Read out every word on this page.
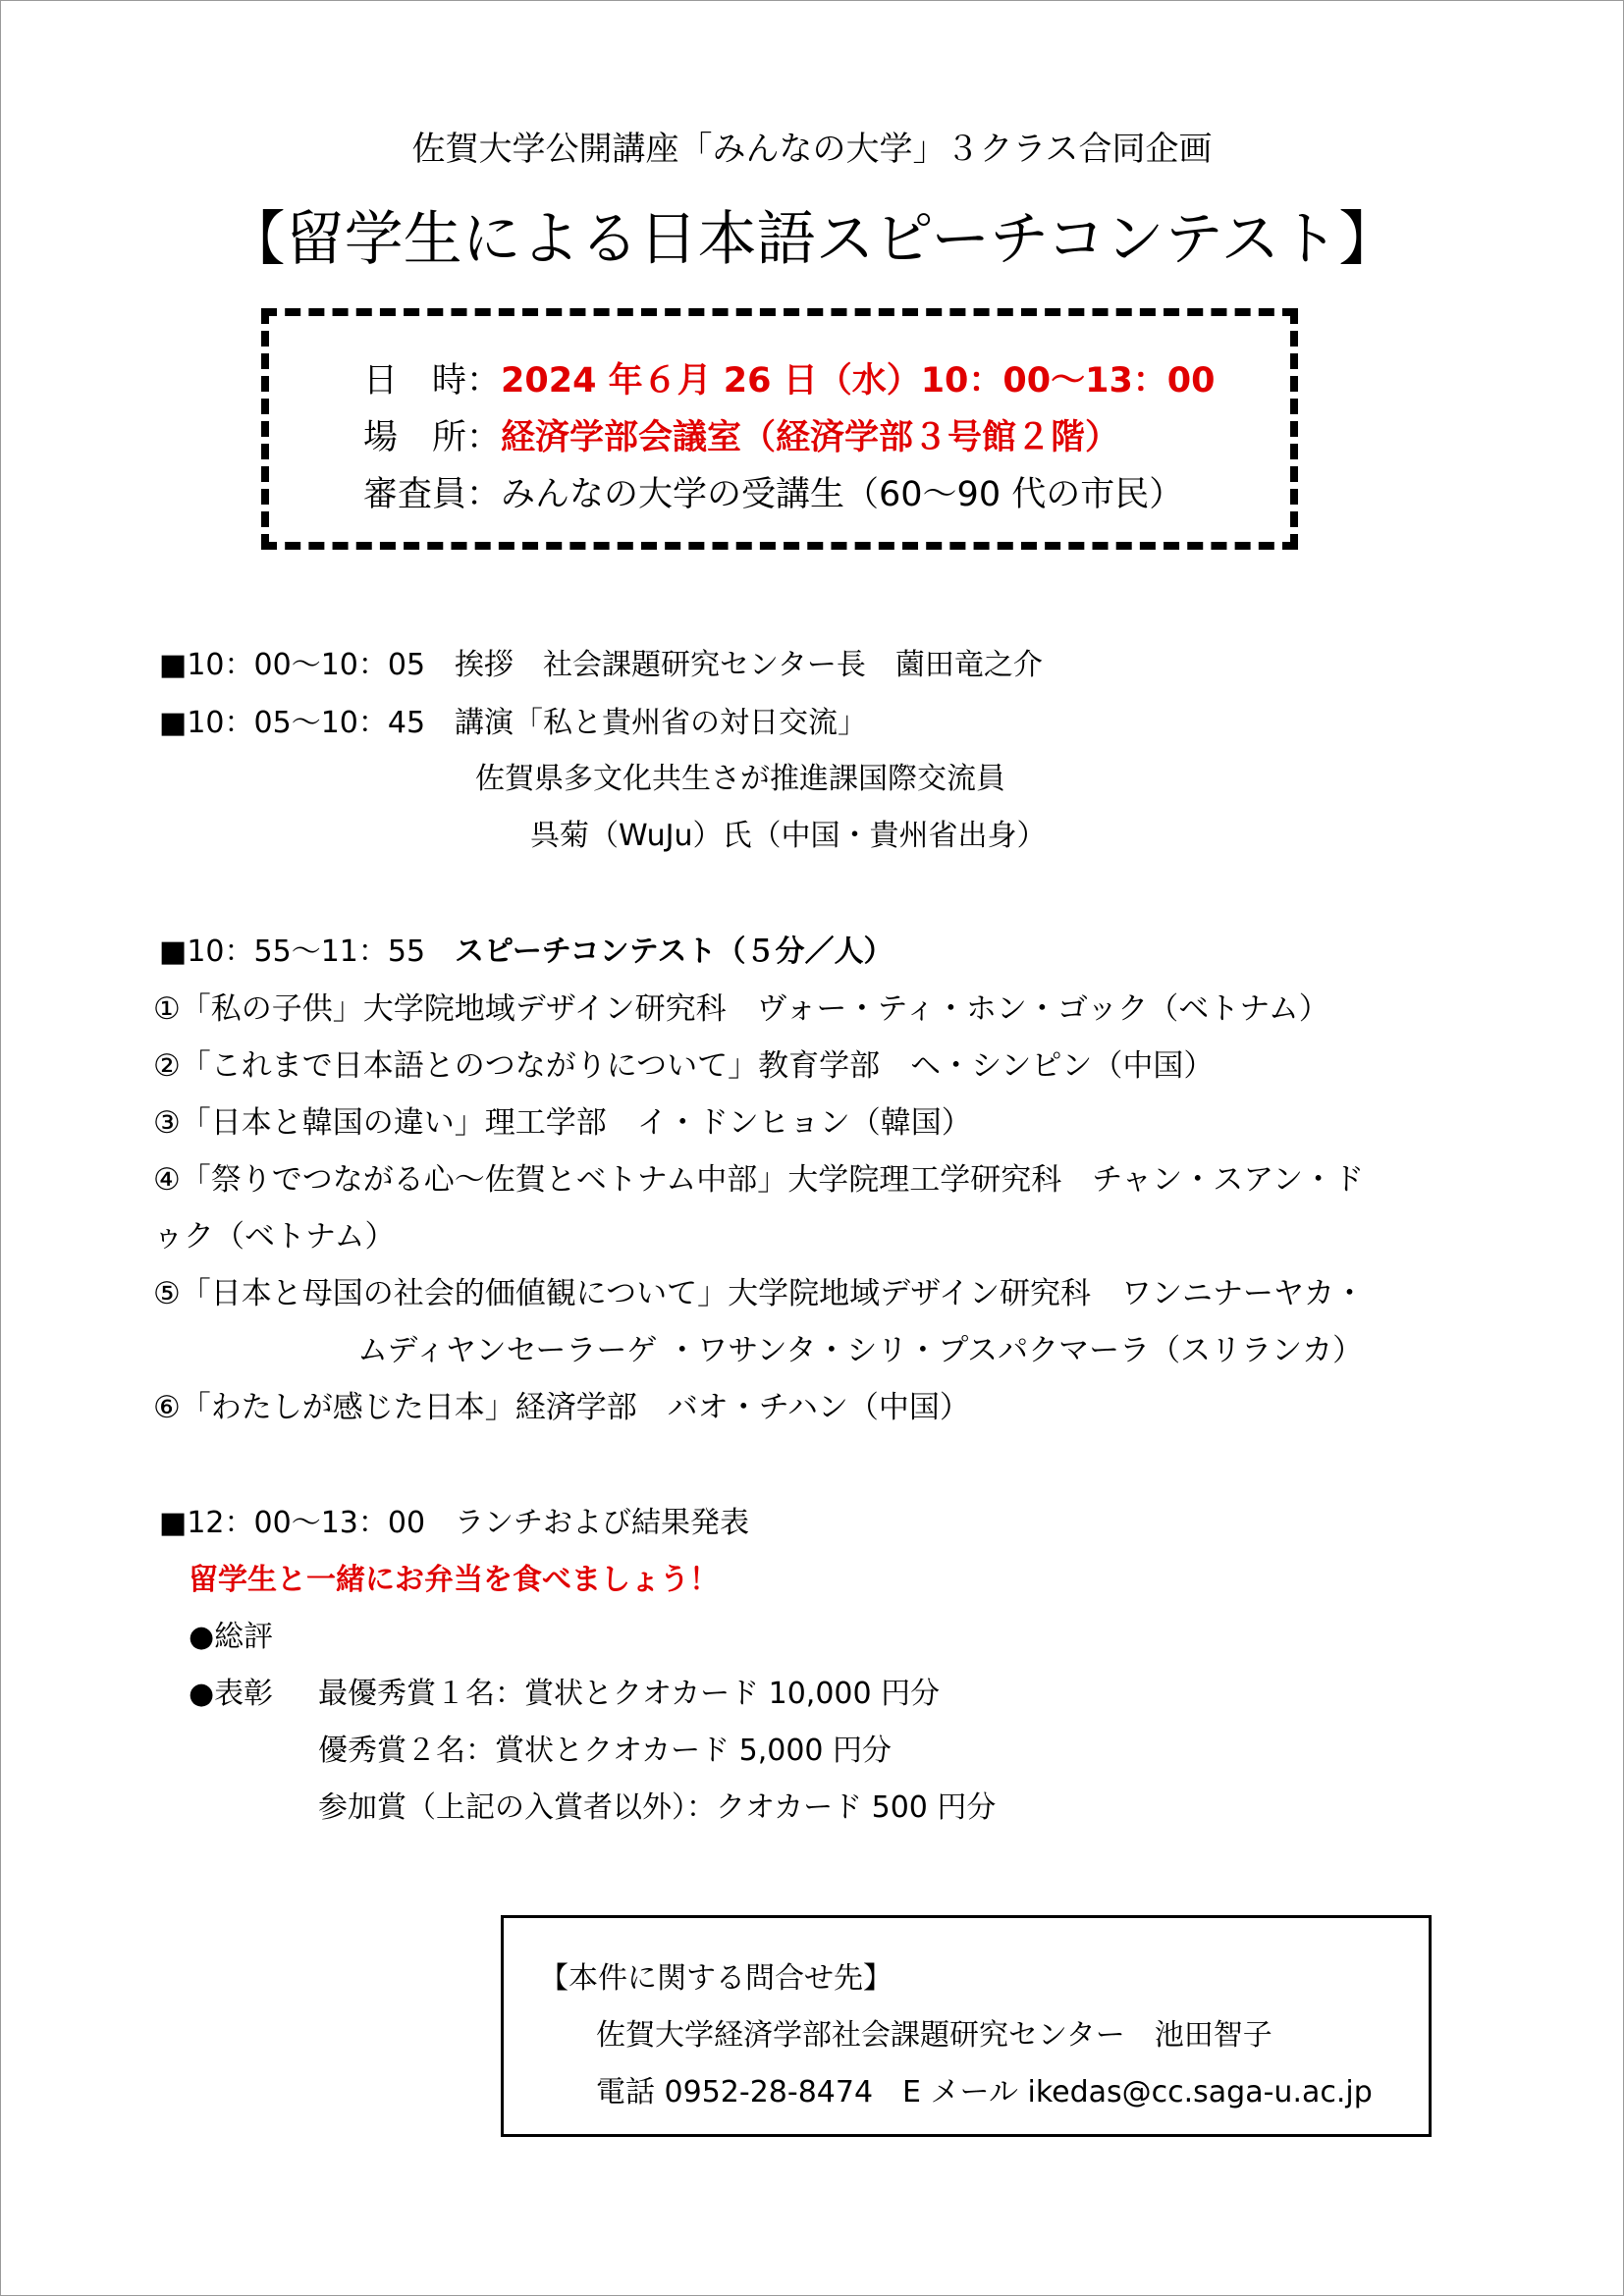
佐賀大学公開講座「みんなの大学」３クラス合同企画
【留学生による日本語スピーチコンテスト】
日　時：2024 年６月 26 日（水）10：00～13：00
場　所：経済学部会議室（経済学部３号館２階）
審査員：みんなの大学の受講生（60～90 代の市民）
■10：00～10：05　挨拶　社会課題研究センター長　薗田竜之介
■10：05～10：45　講演「私と貴州省の対日交流」
佐賀県多文化共生さが推進課国際交流員
呉菊（WuJu）氏（中国・貴州省出身）
■10：55～11：55　スピーチコンテスト（５分／人）
①「私の子供」大学院地域デザイン研究科　ヴォー・ティ・ホン・ゴック（ベトナム）
②「これまで日本語とのつながりについて」教育学部　ヘ・シンピン（中国）
③「日本と韓国の違い」理工学部　イ・ドンヒョン（韓国）
④「祭りでつながる心～佐賀とベトナム中部」大学院理工学研究科　チャン・スアン・ド
ゥク（ベトナム）
⑤「日本と母国の社会的価値観について」大学院地域デザイン研究科　ワンニナーヤカ・
ムディヤンセーラーゲ ・ワサンタ・シリ・プスパクマーラ（スリランカ）
⑥「わたしが感じた日本」経済学部　バオ・チハン（中国）
■12：00～13：00　ランチおよび結果発表
留学生と一緒にお弁当を食べましょう！
●総評
●表彰 最優秀賞１名：賞状とクオカード 10,000 円分
優秀賞２名：賞状とクオカード 5,000 円分
参加賞（上記の入賞者以外）：クオカード 500 円分
【本件に関する問合せ先】
佐賀大学経済学部社会課題研究センター　池田智子
電話 0952-28-8474　E メール ikedas@cc.saga-u.ac.jp
